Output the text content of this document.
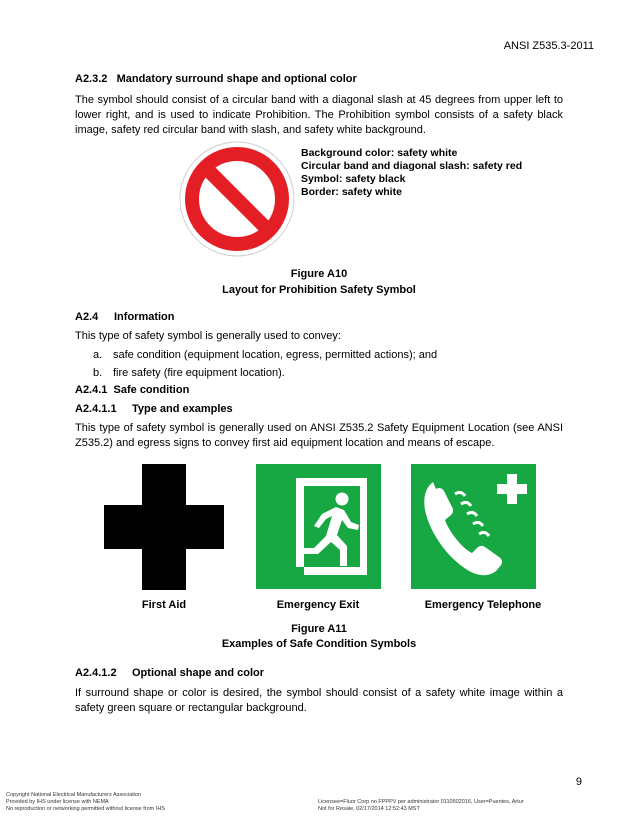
ANSI Z535.3-2011
A2.3.2   Mandatory surround shape and optional color
The symbol should consist of a circular band with a diagonal slash at 45 degrees from upper left to lower right, and is used to indicate Prohibition. The Prohibition symbol consists of a safety black image, safety red circular band with slash, and safety white background.
Background color: safety white
Circular band and diagonal slash: safety red
Symbol: safety black
Border: safety white
Figure A10
Layout for Prohibition Safety Symbol
A2.4 Information
This type of safety symbol is generally used to convey:
a. safe condition (equipment location, egress, permitted actions); and
b. fire safety (fire equipment location).
A2.4.1  Safe condition
A2.4.1.1 Type and examples
This type of safety symbol is generally used on ANSI Z535.2 Safety Equipment Location (see ANSI Z535.2) and egress signs to convey first aid equipment location and means of escape.
First Aid	Emergency Exit	Emergency Telephone
Figure A11
Examples of Safe Condition Symbols
A2.4.1.2 Optional shape and color
If surround shape or color is desired, the symbol should consist of a safety white image within a safety green square or rectangular background.
9
Copyright National Electrical Manufacturers Association
Provided by IHS under license with NEMA
No reproduction or networking permitted without license from IHS
Licensee=Fluor Corp no FPPPV per administrator 0110502016, User=Puentes, Artur
Not for Resale, 02/17/2014 12:52:43 MST
